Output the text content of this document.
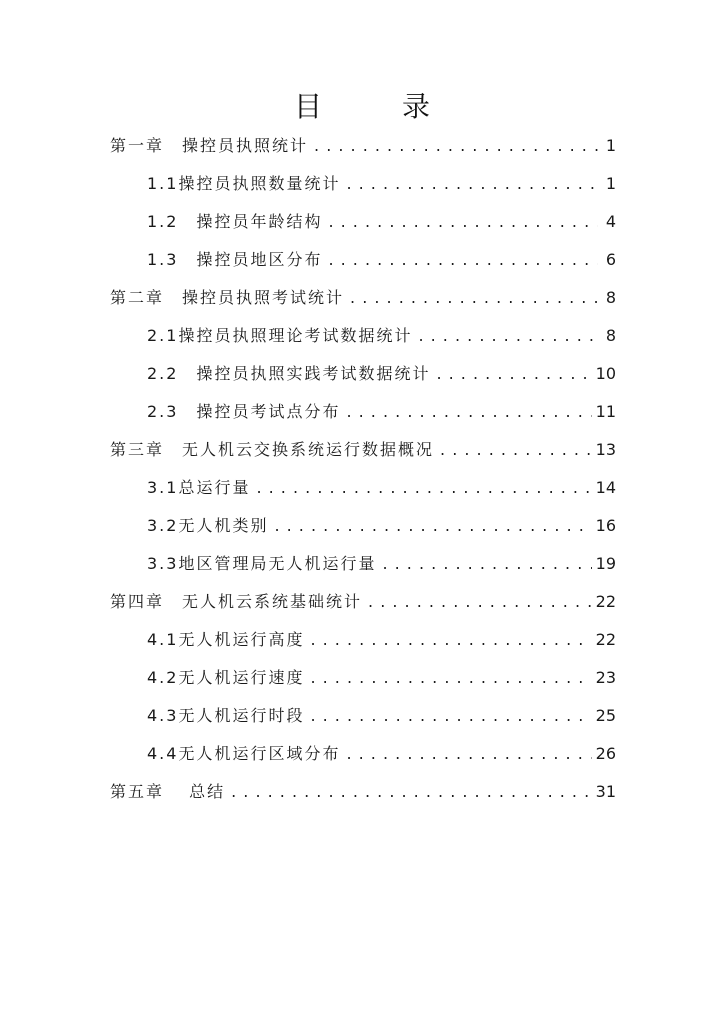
目　录
第一章　操控员执照统计 . . .	1
1.1操控员执照数量统计 . . .	1
1.2　操控员年龄结构 . . .	4
1.3　操控员地区分布 . . .	6
第二章　操控员执照考试统计 . . .	8
2.1操控员执照理论考试数据统计 . . .	8
2.2　操控员执照实践考试数据统计 . . .	10
2.3　操控员考试点分布 . . .	11
第三章　无人机云交换系统运行数据概况 . . .	13
3.1总运行量 . . .	14
3.2无人机类别 . . .	16
3.3地区管理局无人机运行量 . . .	19
第四章　无人机云系统基础统计 . . .	22
4.1无人机运行高度 . . .	22
4.2无人机运行速度 . . .	23
4.3无人机运行时段 . . .	25
4.4无人机运行区域分布 . . .	26
第五章　 总结 . . .	31
